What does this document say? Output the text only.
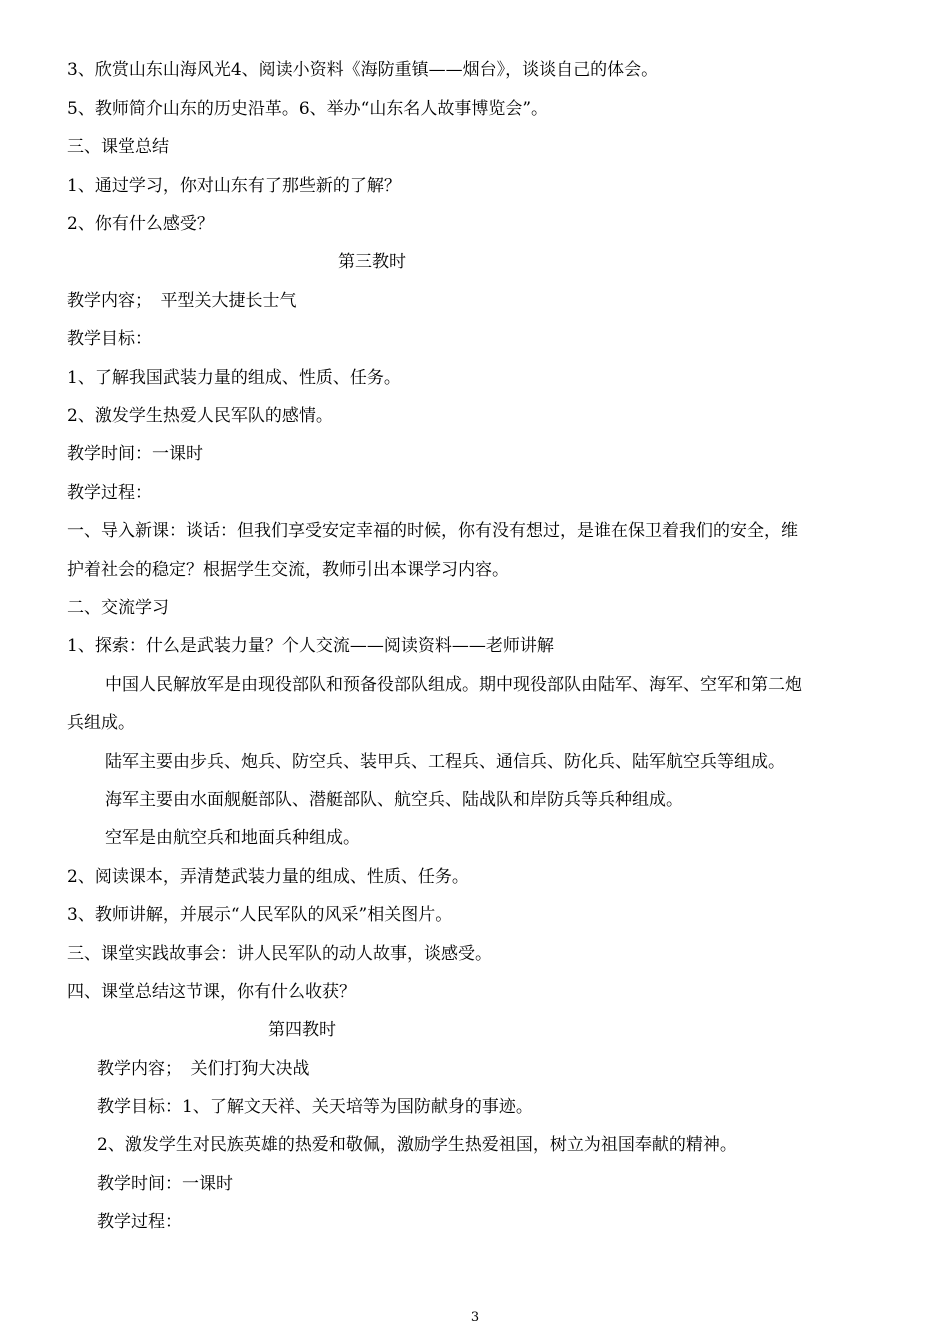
3、欣赏山东山海风光4、阅读小资料《海防重镇——烟台》，谈谈自己的体会。
5、教师简介山东的历史沿革。6、举办“山东名人故事博览会”。
三、课堂总结
1、通过学习，你对山东有了那些新的了解？
2、你有什么感受？
第三教时
教学内容；　平型关大捷长士气
教学目标：
1、了解我国武装力量的组成、性质、任务。
2、激发学生热爱人民军队的感情。
教学时间：一课时
教学过程：
一、导入新课：谈话：但我们享受安定幸福的时候，你有没有想过，是谁在保卫着我们的安全，维
护着社会的稳定？根据学生交流，教师引出本课学习内容。
二、交流学习
1、探索：什么是武装力量？个人交流——阅读资料——老师讲解
中国人民解放军是由现役部队和预备役部队组成。期中现役部队由陆军、海军、空军和第二炮
兵组成。
陆军主要由步兵、炮兵、防空兵、装甲兵、工程兵、通信兵、防化兵、陆军航空兵等组成。
海军主要由水面舰艇部队、潜艇部队、航空兵、陆战队和岸防兵等兵种组成。
空军是由航空兵和地面兵种组成。
2、阅读课本，弄清楚武装力量的组成、性质、任务。
3、教师讲解，并展示“人民军队的风采”相关图片。
三、课堂实践故事会：讲人民军队的动人故事，谈感受。
四、课堂总结这节课，你有什么收获？
第四教时
教学内容；　关们打狗大决战
教学目标：1、了解文天祥、关天培等为国防献身的事迹。
2、激发学生对民族英雄的热爱和敬佩，激励学生热爱祖国，树立为祖国奉献的精神。
教学时间：一课时
教学过程：
3
